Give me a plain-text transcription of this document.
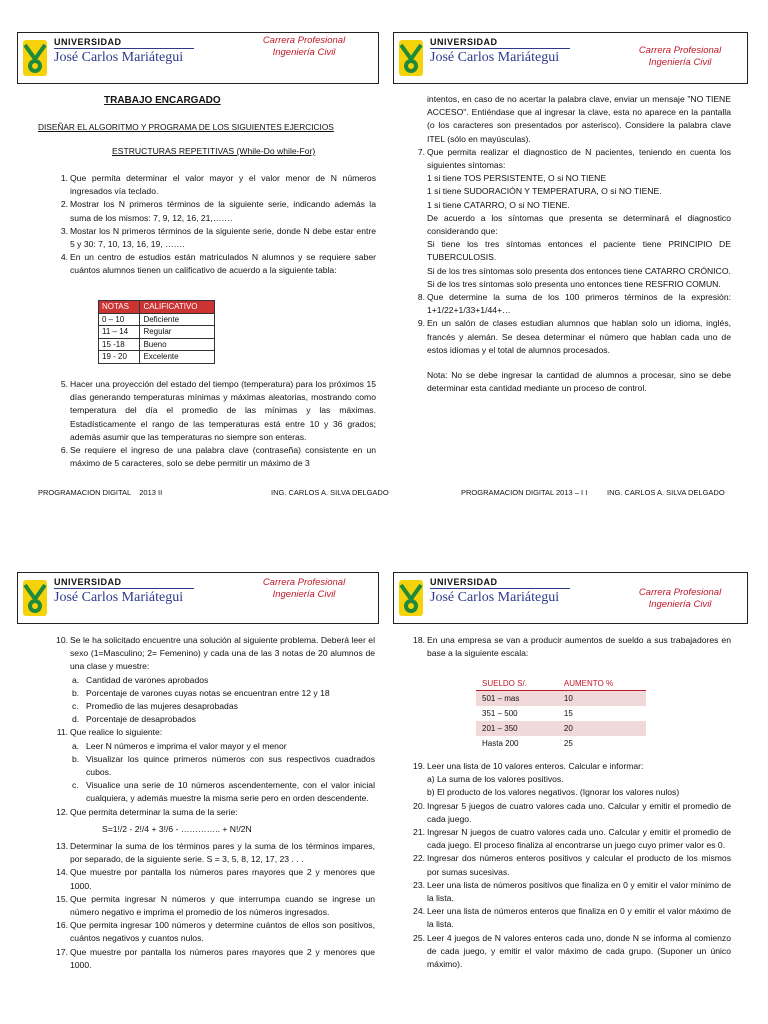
UNIVERSIDAD
José Carlos Mariátegui
Carrera Profesional
Ingeniería Civil
UNIVERSIDAD
José Carlos Mariátegui	Carrera Profesional
Ingeniería Civil
UNIVERSIDAD
José Carlos Mariátegui
Carrera Profesional
Ingeniería Civil
UNIVERSIDAD
José Carlos Mariátegui	Carrera Profesional
Ingeniería Civil
TRABAJO ENCARGADO
DISEÑAR EL ALGORITMO Y PROGRAMA DE LOS SIGUIENTES EJERCICIOS
ESTRUCTURAS REPETITIVAS (While-Do while-For)
1. Que permita determinar el valor mayor y el valor menor de N números ingresados vía teclado.
2. Mostrar los N primeros términos de la siguiente serie, indicando además la suma de los mismos: 7, 9, 12, 16, 21,…….
3. Mostar los N primeros términos de la siguiente serie, donde N debe estar entre 5 y 30: 7, 10, 13, 16, 19, …….
4. En un centro de estudios están matriculados N alumnos y se requiere saber cuántos alumnos tienen un calificativo de acuerdo a la siguiente tabla:
NOTAS	CALIFICATIVO
0 – 10	Deficiente
11 – 14	Regular
15 -18	Bueno
19 - 20	Excelente
5. Hacer una proyección del estado del tiempo (temperatura) para los próximos 15 días generando temperaturas mínimas y máximas aleatorias, mostrando como temperatura del día el promedio de las mínimas y las máximas. Estadísticamente el rango de las temperaturas está entre 10 y 36 grados; además asumir que las temperaturas no siempre son enteras.
6. Se requiere el ingreso de una palabra clave (contraseña) consistente en un máximo de 5 caracteres, solo se debe permitir un máximo de 3
PROGRAMACION DIGITAL    2013 II	ING. CARLOS A. SILVA DELGADO
intentos, en caso de no acertar la palabra clave, enviar un mensaje "NO TIENE ACCESO". Entiéndase que al ingresar la clave, esta no aparece en la pantalla (o los caracteres son presentados por asterisco). Considere la palabra clave ITEL (sólo en mayúsculas).
7. Que permita realizar el diagnostico de N pacientes, teniendo en cuenta los siguientes síntomas:
1 si tiene TOS PERSISTENTE, O si NO TIENE
1 si tiene SUDORACIÓN Y TEMPERATURA, O si NO TIENE.
1 si tiene CATARRO, O si NO TIENE.
De acuerdo a los síntomas que presenta se determinará el diagnostico considerando que:
Si tiene los tres síntomas entonces el paciente tiene PRINCIPIO DE TUBERCULOSIS.
Si de los tres síntomas solo presenta dos entonces tiene CATARRO CRÓNICO.
Si de los tres síntomas solo presenta uno entonces tiene RESFRIO COMUN.
8. Que determine la suma de los 100 primeros términos de la expresión: 1+1/22+1/33+1/44+…
9. En un salón de clases estudian alumnos que hablan solo un idioma, inglés, francés y alemán. Se desea determinar el número que hablan cada uno de estos idiomas y el total de alumnos procesados.
Nota: No se debe ingresar la cantidad de alumnos a procesar, sino se debe determinar esta cantidad mediante un proceso de control.
PROGRAMACION DIGITAL 2013 – I I	ING. CARLOS A. SILVA DELGADO
10. Se le ha solicitado encuentre una solución al siguiente problema. Deberá leer el sexo (1=Masculino; 2= Femenino) y cada una de las 3 notas de 20 alumnos de una clase y muestre:
a. Cantidad de varones aprobados
b. Porcentaje de varones cuyas notas se encuentran entre 12 y 18
c. Promedio de las mujeres desaprobadas
d. Porcentaje de desaprobados
11. Que realice lo siguiente:
a. Leer N números e imprima el valor mayor y el menor
b. Visualizar los quince primeros números con sus respectivos cuadrados cubos.
c. Visualice una serie de 10 números ascendentemente, con el valor inicial cualquiera, y además muestre la misma serie pero en orden descendente.
12. Que permita determinar la suma de la serie:
S=1!/2 - 2!/4 + 3!/6 - ………….. + N!/2N
13. Determinar la suma de los términos pares y la suma de los términos impares, por separado, de la siguiente serie. S = 3, 5, 8, 12, 17, 23 . . .
14. Que muestre por pantalla los números pares mayores que 2 y menores que 1000.
15. Que permita ingresar N números y que interrumpa cuando se ingrese un número negativo e imprima el promedio de los números ingresados.
16. Que permita ingresar 100 números y determine cuántos de ellos son positivos, cuántos negativos y cuantos nulos.
17. Que muestre por pantalla los números pares mayores que 2 y menores que 1000.
18. En una empresa se van a producir aumentos de sueldo a sus trabajadores en base a la siguiente escala:
SUELDO S/.	AUMENTO %
501 – mas	10
351 – 500	15
201 – 350	20
Hasta 200	25
19. Leer una lista de 10 valores enteros. Calcular e informar:
a) La suma de los valores positivos.
b) El producto de los valores negativos. (Ignorar los valores nulos)
20. Ingresar 5 juegos de cuatro valores cada uno. Calcular y emitir el promedio de cada juego.
21. Ingresar N juegos de cuatro valores cada uno. Calcular y emitir el promedio de cada juego. El proceso finaliza al encontrarse un juego cuyo primer valor es 0.
22. Ingresar dos números enteros positivos y calcular el producto de los mismos por sumas sucesivas.
23. Leer una lista de números positivos que finaliza en 0 y emitir el valor mínimo de la lista.
24. Leer una lista de números enteros que finaliza en 0 y emitir el valor máximo de la lista.
25. Leer 4 juegos de N valores enteros cada uno, donde N se informa al comienzo de cada juego, y emitir el valor máximo de cada grupo. (Suponer un único máximo).
